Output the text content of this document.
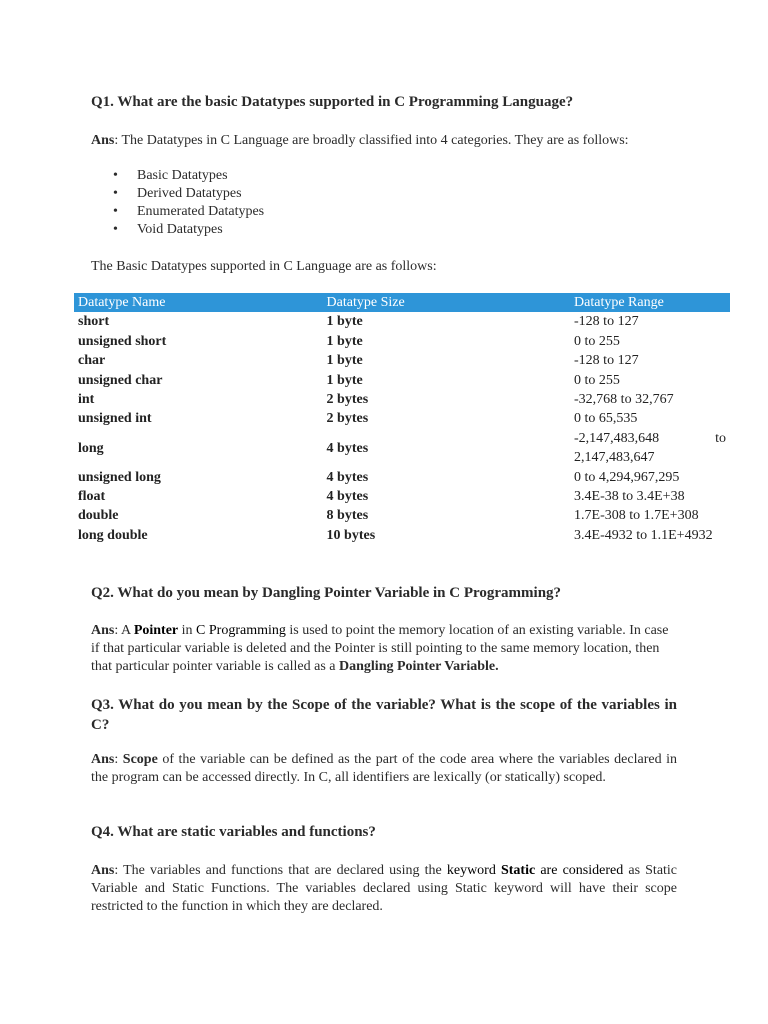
Q1. What are the basic Datatypes supported in C Programming Language?
Ans: The Datatypes in C Language are broadly classified into 4 categories. They are as follows:
• Basic Datatypes
• Derived Datatypes
• Enumerated Datatypes
• Void Datatypes
The Basic Datatypes supported in C Language are as follows:
Datatype Name	Datatype Size	Datatype Range
short	1 byte	-128 to 127
unsigned short	1 byte	0 to 255
char	1 byte	-128 to 127
unsigned char	1 byte	0 to 255
int	2 bytes	-32,768 to 32,767
unsigned int	2 bytes	0 to 65,535
long	4 bytes	-2,147,483,648 to
2,147,483,647

unsigned long	4 bytes	0 to 4,294,967,295
float	4 bytes	3.4E-38 to 3.4E+38
double	8 bytes	1.7E-308 to 1.7E+308
long double	10 bytes	3.4E-4932 to 1.1E+4932
Q2. What do you mean by Dangling Pointer Variable in C Programming?
Ans: A Pointer in C Programming is used to point the memory location of an existing variable. In case if that particular variable is deleted and the Pointer is still pointing to the same memory location, then that particular pointer variable is called as a Dangling Pointer Variable.
Q3. What do you mean by the Scope of the variable? What is the scope of the variables in C?
Ans: Scope of the variable can be defined as the part of the code area where the variables declared in the program can be accessed directly. In C, all identifiers are lexically (or statically) scoped.
Q4. What are static variables and functions?
Ans: The variables and functions that are declared using the keyword Static are considered as Static Variable and Static Functions. The variables declared using Static keyword will have their scope restricted to the function in which they are declared.
